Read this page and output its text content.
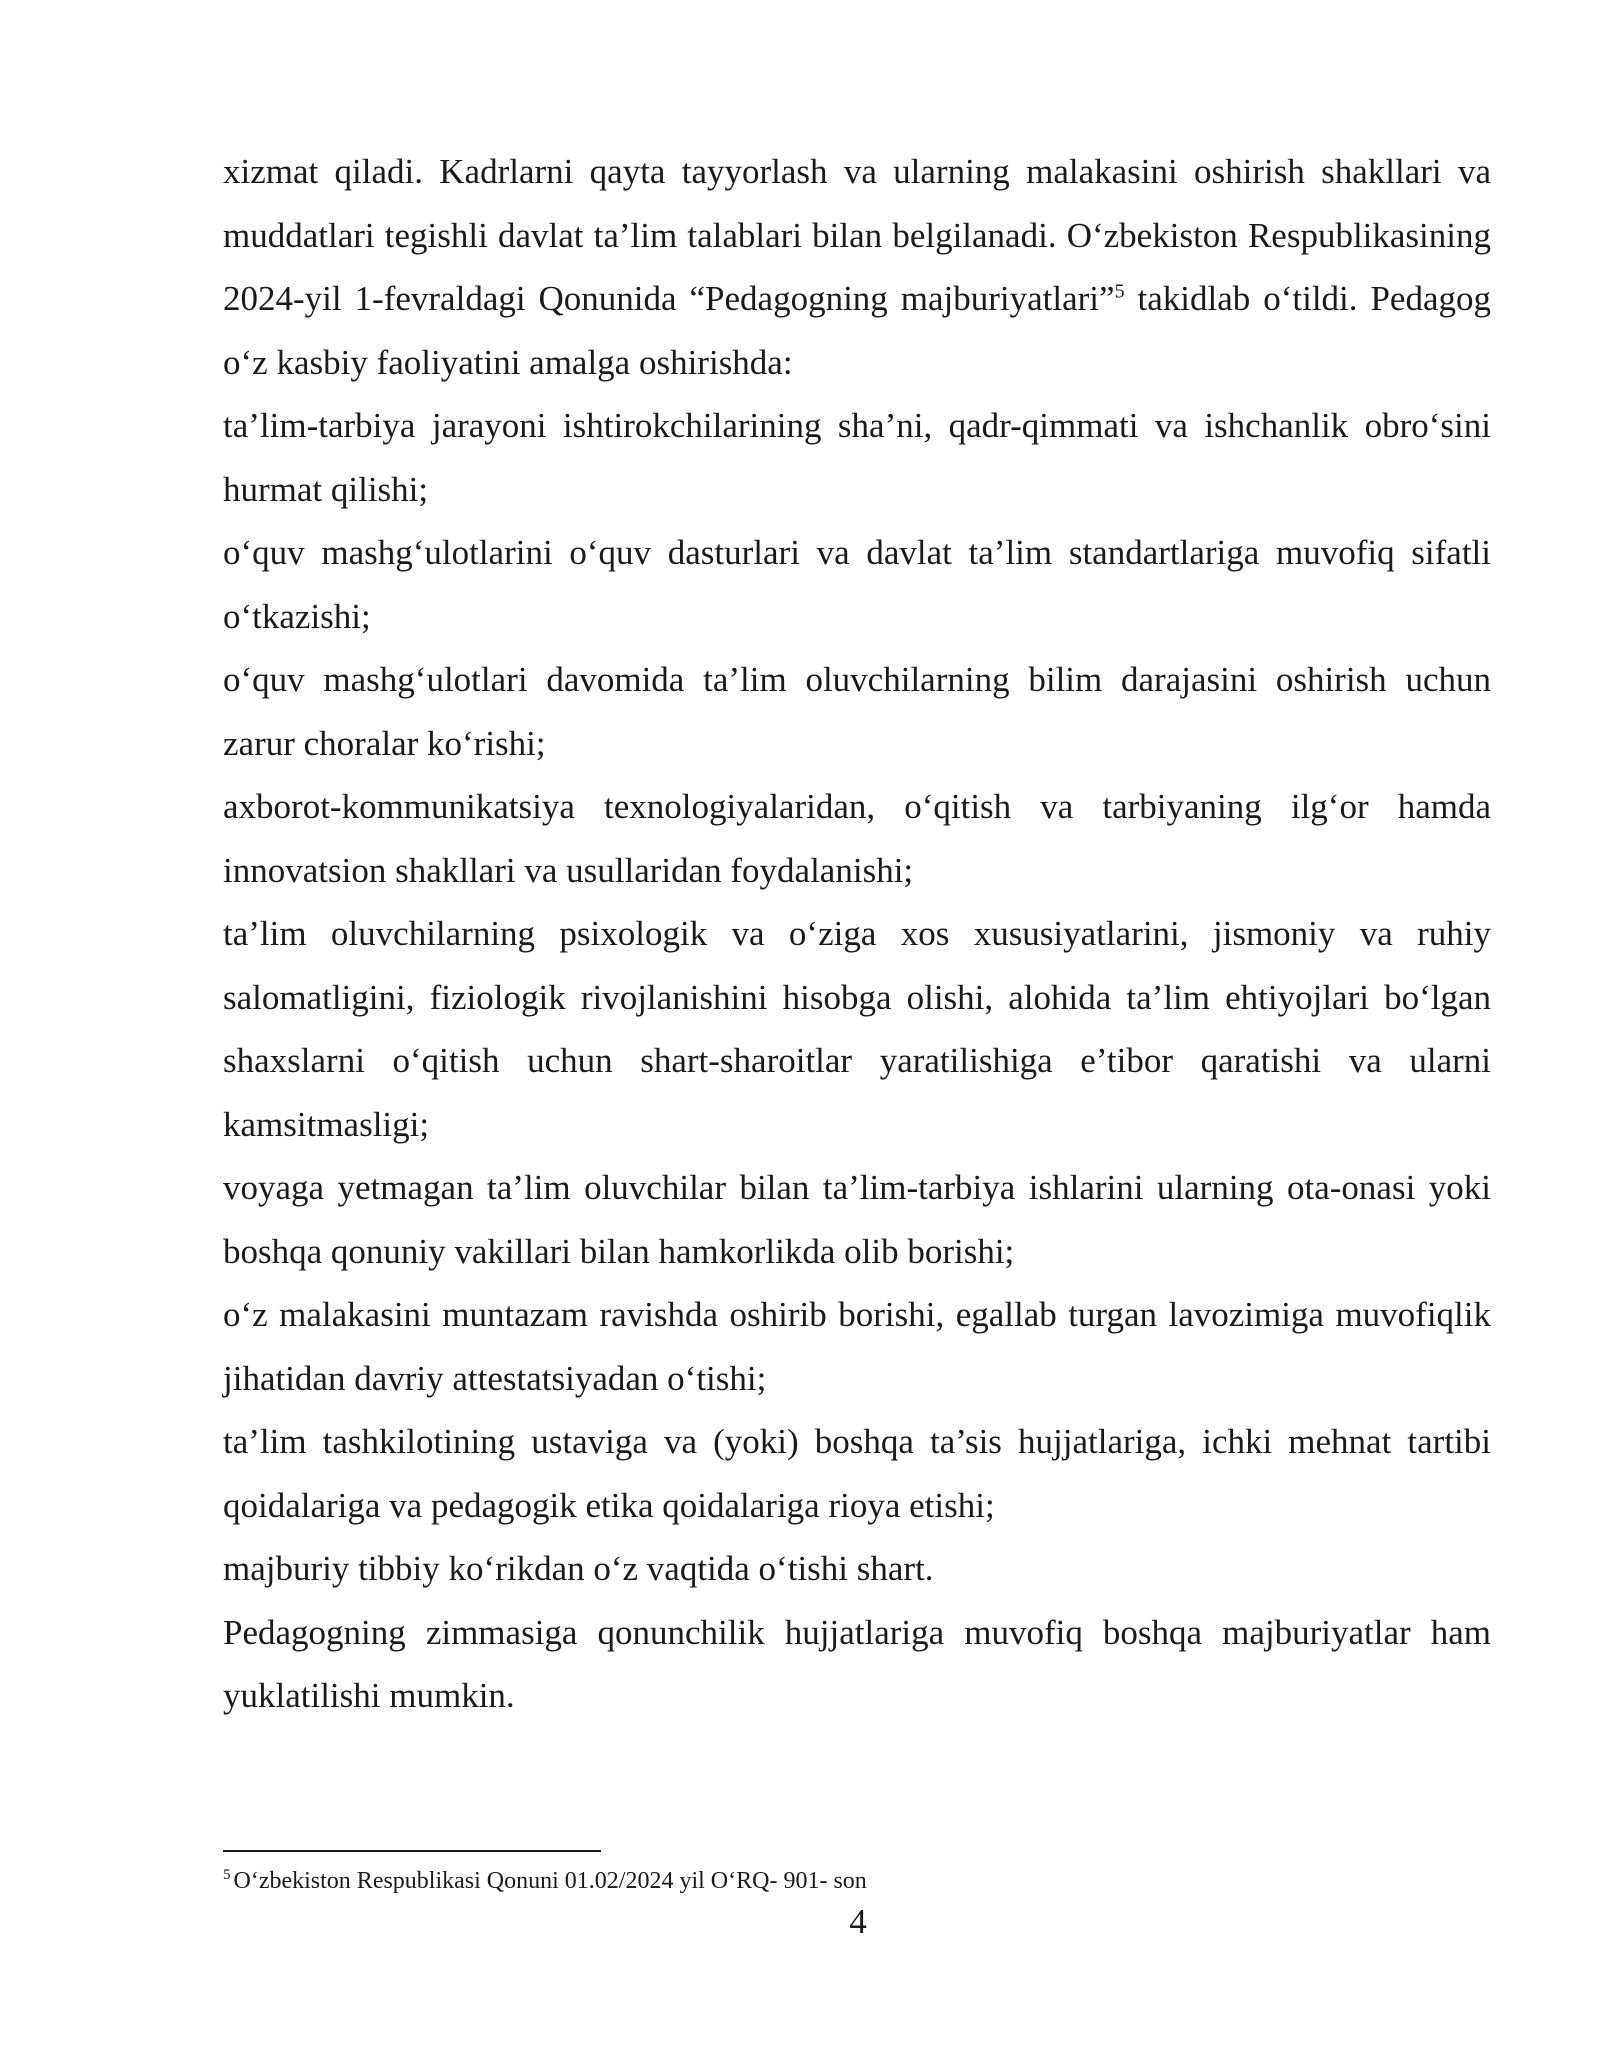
xizmat qiladi. Kadrlarni qayta tayyorlash va ularning malakasini oshirish shakllari va muddatlari tegishli davlat ta’lim talablari bilan belgilanadi. O‘zbekiston Respublikasining 2024-yil 1-fevraldagi Qonunida “Pedagogning majburiyatlari”$^5$ takidlab o‘tildi. Pedagog o‘z kasbiy faoliyatini amalga oshirishda:

ta’lim-tarbiya jarayoni ishtirokchilarining sha’ni, qadr-qimmati va ishchanlik obro‘sini hurmat qilishi;

o‘quv mashg‘ulotlarini o‘quv dasturlari va davlat ta’lim standartlariga muvofiq sifatli o‘tkazishi;

o‘quv mashg‘ulotlari davomida ta’lim oluvchilarning bilim darajasini oshirish uchun zarur choralar ko‘rishi;

axborot-kommunikatsiya texnologiyalaridan, o‘qitish va tarbiyaning ilg‘or hamda innovatsion shakllari va usullaridan foydalanishi;

ta’lim oluvchilarning psixologik va o‘ziga xos xususiyatlarini, jismoniy va ruhiy salomatligini, fiziologik rivojlanishini hisobga olishi, alohida ta’lim ehtiyojlari bo‘lgan shaxslarni o‘qitish uchun shart-sharoitlar yaratilishiga e’tibor qaratishi va ularni kamsitmasligi;

voyaga yetmagan ta’lim oluvchilar bilan ta’lim-tarbiya ishlarini ularning ota-onasi yoki boshqa qonuniy vakillari bilan hamkorlikda olib borishi;

o‘z malakasini muntazam ravishda oshirib borishi, egallab turgan lavozimiga muvofiqlik jihatidan davriy attestatsiyadan o‘tishi;

ta’lim tashkilotining ustaviga va (yoki) boshqa ta’sis hujjatlariga, ichki mehnat tartibi qoidalariga va pedagogik etika qoidalariga rioya etishi;

majburiy tibbiy ko‘rikdan o‘z vaqtida o‘tishi shart.

Pedagogning zimmasiga qonunchilik hujjatlariga muvofiq boshqa majburiyatlar ham yuklatilishi mumkin.

$^5$ O‘zbekiston Respublikasi Qonuni 01.02/2024 yil O‘RQ- 901- son
4
